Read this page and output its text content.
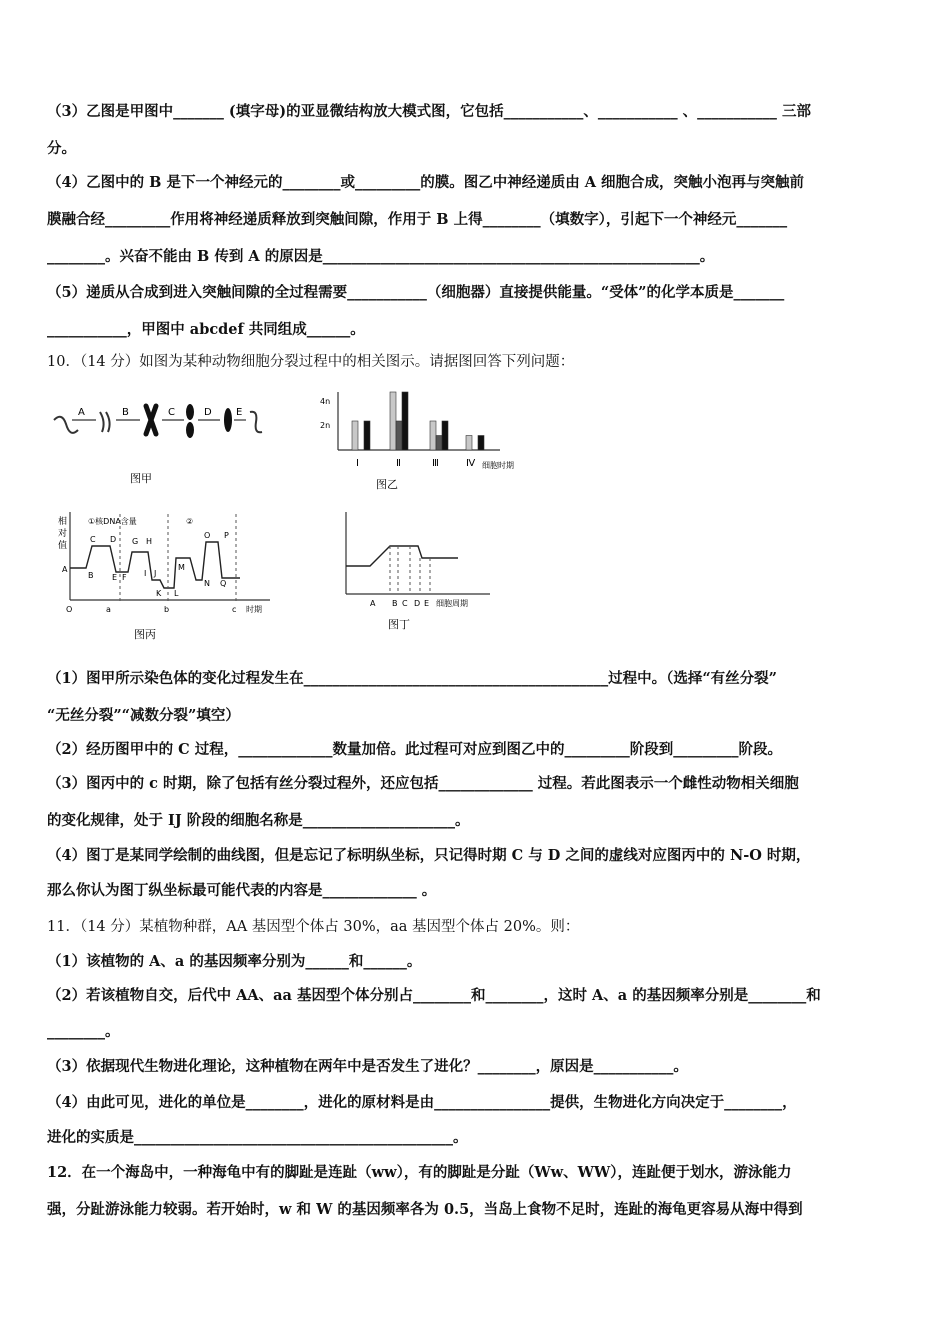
（3）乙图是甲图中_______ (填字母)的亚显微结构放大模式图，它包括___________、___________ 、___________ 三部
分。
（4）乙图中的 B 是下一个神经元的________或_________的膜。图乙中神经递质由 A 细胞合成，突触小泡再与突触前
膜融合经_________作用将神经递质释放到突触间隙，作用于 B 上得________（填数字），引起下一个神经元_______
________。兴奋不能由 B 传到 A 的原因是____________________________________________________。
（5）递质从合成到进入突触间隙的全过程需要___________（细胞器）直接提供能量。“受体”的化学本质是_______
___________，甲图中 abcdef 共同组成______。
10．（14 分）如图为某种动物细胞分裂过程中的相关图示。请据图回答下列问题：
（1）图甲所示染色体的变化过程发生在__________________________________________过程中。（选择“有丝分裂”
“无丝分裂”“减数分裂”填空）
（2）经历图甲中的 C 过程，_____________数量加倍。此过程可对应到图乙中的_________阶段到_________阶段。
（3）图丙中的 c 时期，除了包括有丝分裂过程外，还应包括_____________ 过程。若此图表示一个雌性动物相关细胞
的变化规律，处于 IJ 阶段的细胞名称是_____________________。
（4）图丁是某同学绘制的曲线图，但是忘记了标明纵坐标，只记得时期 C 与 D 之间的虚线对应图丙中的 N-O 时期，
那么你认为图丁纵坐标最可能代表的内容是_____________ 。
11．（14 分）某植物种群，AA 基因型个体占 30%，aa 基因型个体占 20%。则：
（1）该植物的 A、a 的基因频率分别为______和______。
（2）若该植物自交，后代中 AA、aa 基因型个体分别占________和________，这时 A、a 的基因频率分别是________和
________。
（3）依据现代生物进化理论，这种植物在两年中是否发生了进化？________，原因是___________。
（4）由此可见，进化的单位是________，进化的原材料是由________________提供，生物进化方向决定于________，
进化的实质是____________________________________________。
12．在一个海岛中，一种海龟中有的脚趾是连趾（ww），有的脚趾是分趾（Ww、WW），连趾便于划水，游泳能力
强，分趾游泳能力较弱。若开始时，w 和 W 的基因频率各为 0.5，当岛上食物不足时，连趾的海龟更容易从海中得到
A	B	C	D E
图甲
4n
2n
Ⅰ	Ⅱ	Ⅲ	Ⅳ 细胞时期
图乙
相
对
值
①核DNA含量	②
A
B
C D
E F
G H
I J
K L
M
N
O P
Q
O	a	b	c 时期
图丙
A B C D E 细胞周期
图丁
